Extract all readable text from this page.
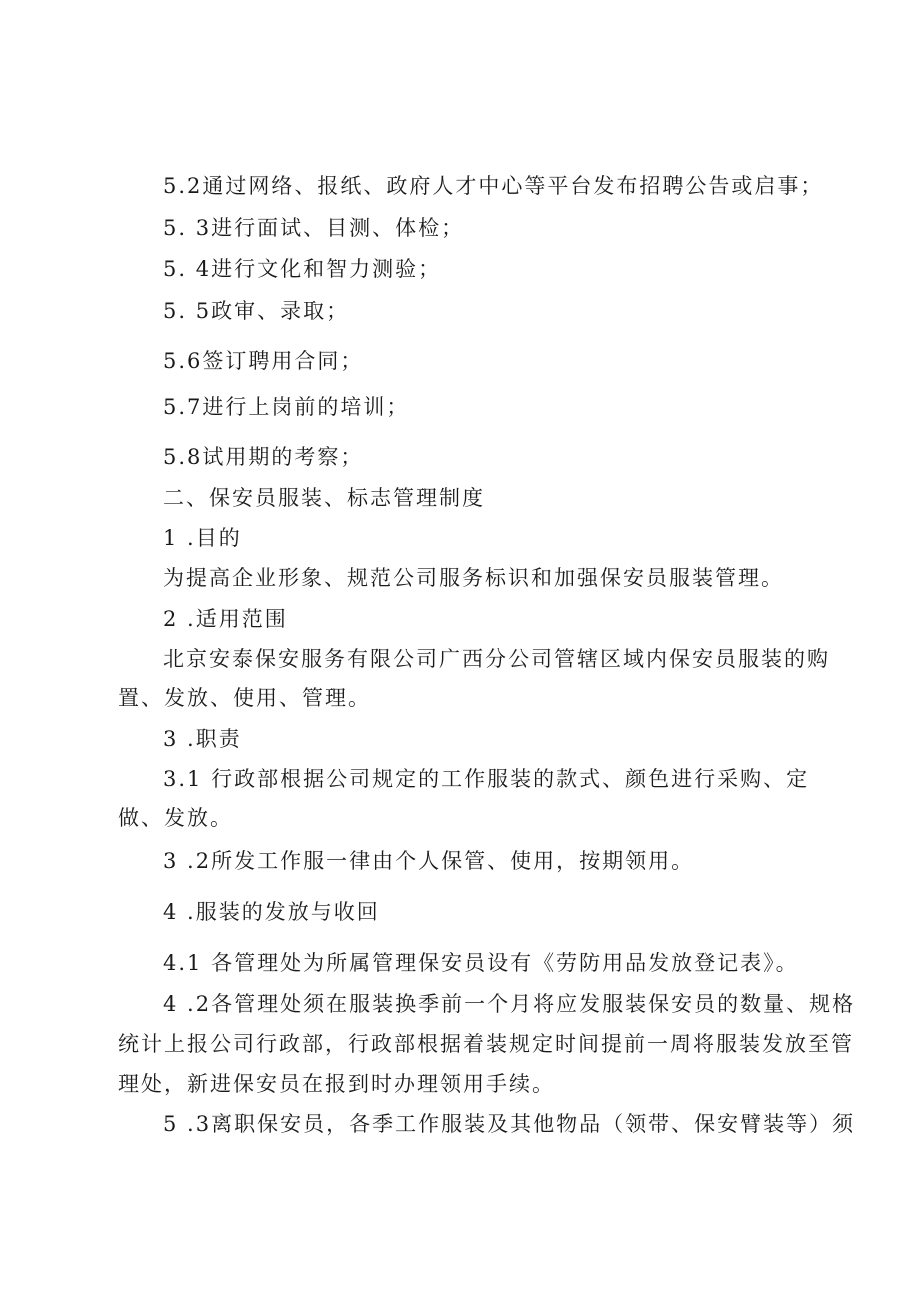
5.2通过网络、报纸、政府人才中心等平台发布招聘公告或启事；
5. 3进行面试、目测、体检；
5. 4进行文化和智力测验；
5. 5政审、录取；
5.6签订聘用合同；
5.7进行上岗前的培训；
5.8试用期的考察；
二、保安员服装、标志管理制度
1 .目的
为提高企业形象、规范公司服务标识和加强保安员服装管理。
2 .适用范围
北京安泰保安服务有限公司广西分公司管辖区域内保安员服装的购
置、发放、使用、管理。
3 .职责
3.1 行政部根据公司规定的工作服装的款式、颜色进行采购、定
做、发放。
3 .2所发工作服一律由个人保管、使用，按期领用。
4 .服装的发放与收回
4.1 各管理处为所属管理保安员设有《劳防用品发放登记表》。
4 .2各管理处须在服装换季前一个月将应发服装保安员的数量、规格
统计上报公司行政部，行政部根据着装规定时间提前一周将服装发放至管
理处，新进保安员在报到时办理领用手续。
5 .3离职保安员，各季工作服装及其他物品（领带、保安臂装等）须
